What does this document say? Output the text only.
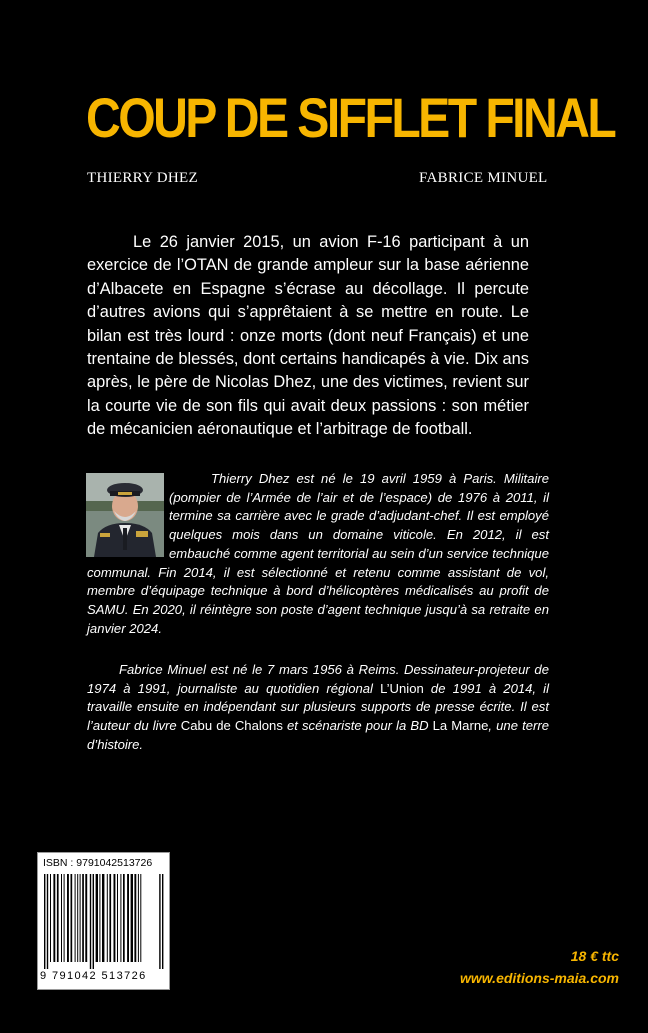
COUP DE SIFFLET FINAL
THIERRY DHEZ	FABRICE MINUEL

Le 26 janvier 2015, un avion F-16 participant à un exercice de l’OTAN de grande ampleur sur la base aérienne d’Albacete en Espagne s’écrase au décollage. Il percute d’autres avions qui s’apprêtaient à se mettre en route. Le bilan est très lourd : onze morts (dont neuf Français) et une trentaine de blessés, dont certains handicapés à vie. Dix ans après, le père de Nicolas Dhez, une des victimes, revient sur la courte vie de son fils qui avait deux passions : son métier de mécanicien aéronautique et l’arbitrage de football.

Thierry Dhez est né le 19 avril 1959 à Paris. Militaire (pompier de l’Armée de l’air et de l’espace) de 1976 à 2011, il termine sa carrière avec le grade d’adjudant-chef. Il est employé quelques mois dans un domaine viticole. En 2012, il est embauché comme agent territorial au sein d’un service technique communal. Fin 2014, il est sélectionné et retenu comme assistant de vol, membre d’équipage technique à bord d’hélicoptères médicalisés au profit de SAMU. En 2020, il réintègre son poste d’agent technique jusqu’à sa retraite en janvier 2024.

Fabrice Minuel est né le 7 mars 1956 à Reims. Dessinateur-projeteur de 1974 à 1991, journaliste au quotidien régional L’Union de 1991 à 2014, il travaille ensuite en indépendant sur plusieurs supports de presse écrite. Il est l’auteur du livre Cabu de Chalons et scénariste pour la BD La Marne, une terre d’histoire.

ISBN : 9791042513726
9 791042 513726
18 € ttc
www.editions-maia.com
